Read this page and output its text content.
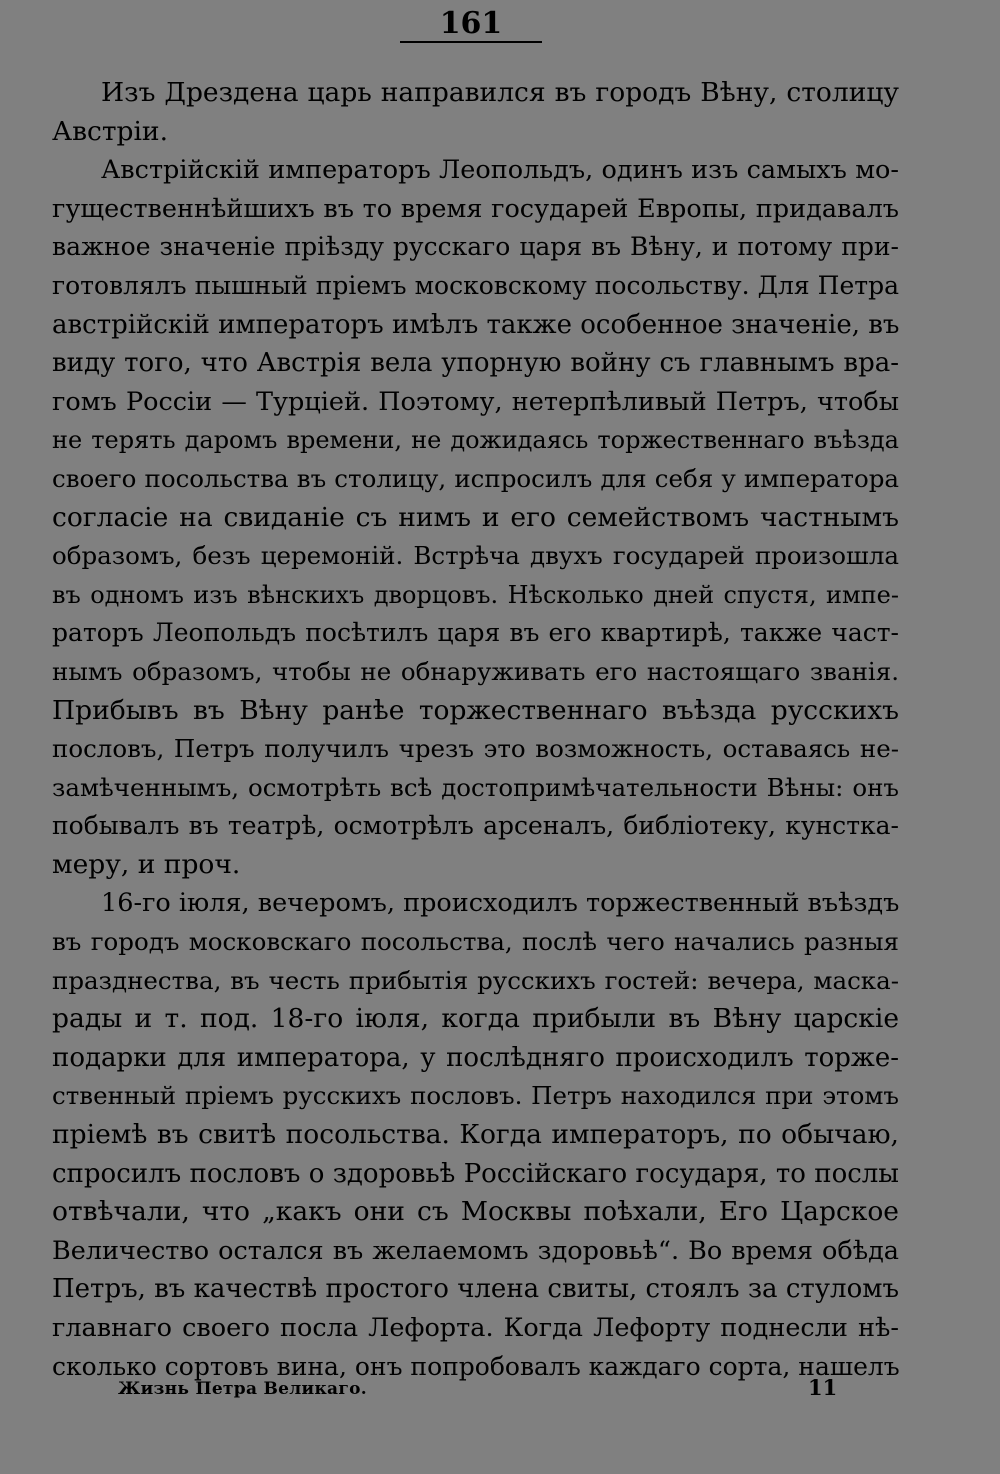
161
Изъ Дрездена царь направился въ городъ Вѣну, столицу
Австріи.
Австрійскій императоръ Леопольдъ, одинъ изъ самыхъ мо-
гущественнѣйшихъ въ то время государей Европы, придавалъ
важное значеніе пріѣзду русскаго царя въ Вѣну, и потому при-
готовлялъ пышный пріемъ московскому посольству. Для Петра
австрійскій императоръ имѣлъ также особенное значеніе, въ
виду того, что Австрія вела упорную войну съ главнымъ вра-
гомъ Россіи — Турціей. Поэтому, нетерпѣливый Петръ, чтобы
не терять даромъ времени, не дожидаясь торжественнаго въѣзда
своего посольства въ столицу, испросилъ для себя у императора
согласіе на свиданіе съ нимъ и его семействомъ частнымъ
образомъ, безъ церемоній. Встрѣча двухъ государей произошла
въ одномъ изъ вѣнскихъ дворцовъ. Нѣсколько дней спустя, импе-
раторъ Леопольдъ посѣтилъ царя въ его квартирѣ, также част-
нымъ образомъ, чтобы не обнаруживать его настоящаго званія.
Прибывъ въ Вѣну ранѣе торжественнаго въѣзда русскихъ
пословъ, Петръ получилъ чрезъ это возможность, оставаясь не-
замѣченнымъ, осмотрѣть всѣ достопримѣчательности Вѣны: онъ
побывалъ въ театрѣ, осмотрѣлъ арсеналъ, библіотеку, кунстка-
меру, и проч.
16-го іюля, вечеромъ, происходилъ торжественный въѣздъ
въ городъ московскаго посольства, послѣ чего начались разныя
празднества, въ честь прибытія русскихъ гостей: вечера, маска-
рады и т. под. 18-го іюля, когда прибыли въ Вѣну царскіе
подарки для императора, у послѣдняго происходилъ торже-
ственный пріемъ русскихъ пословъ. Петръ находился при этомъ
пріемѣ въ свитѣ посольства. Когда императоръ, по обычаю,
спросилъ пословъ о здоровьѣ Россійскаго государя, то послы
отвѣчали, что „какъ они съ Москвы поѣхали, Его Царское
Величество остался въ желаемомъ здоровьѣ“. Во время обѣда
Петръ, въ качествѣ простого члена свиты, стоялъ за стуломъ
главнаго своего посла Лефорта. Когда Лефорту поднесли нѣ-
сколько сортовъ вина, онъ попробовалъ каждаго сорта, нашелъ
Жизнь Петра Великаго.	11
